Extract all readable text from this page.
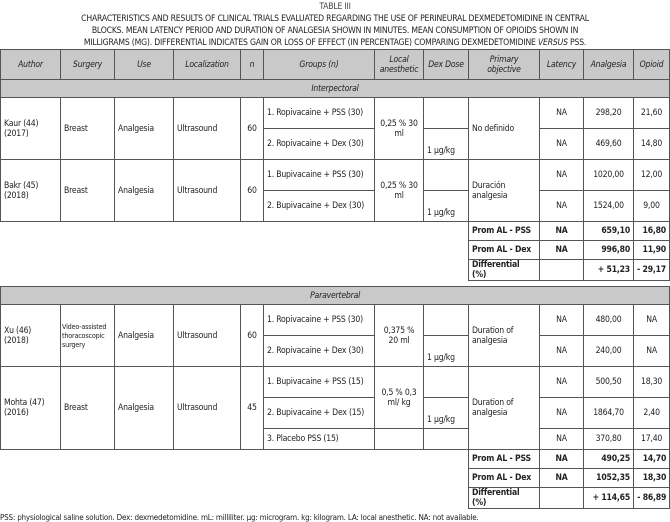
TABLE III
CHARACTERISTICS AND RESULTS OF CLINICAL TRIALS EVALUATED REGARDING THE USE OF PERINEURAL DEXMEDETOMIDINE IN CENTRAL
BLOCKS. MEAN LATENCY PERIOD AND DURATION OF ANALGESIA SHOWN IN MINUTES. MEAN CONSUMPTION OF OPIOIDS SHOWN IN
MILLIGRAMS (MG). DIFFERENTIAL INDICATES GAIN OR LOSS OF EFFECT (IN PERCENTAGE) COMPARING DEXMEDETOMIDINE VERSUS PSS.
Author	Surgery	Use	Localization	n	Groups (n)	Local anesthetic	Dex Dose	Primary objective	Latency	Analgesia	Opioid
Interpectoral											
Kaur (44) (2017)	Breast	Analgesia	Ultrasound	60	1. Ropivacaine + PSS (30)	0,25 % 30 ml		No definido	NA	298,20	21,60
					2. Ropivacaine + Dex (30)		1 µg/kg		NA	469,60	14,80
Bakr (45) (2018)	Breast	Analgesia	Ultrasound	60	1. Bupivacaine + PSS (30)	0,25 % 30 ml		Duración analgesia	NA	1020,00	12,00
					2. Bupivacaine + Dex (30)		1 µg/kg		NA	1524,00	9,00
								Prom AL - PSS	NA	659,10	16,80
								Prom AL - Dex	NA	996,80	11,90
								Differential (%)		+ 51,23	- 29,17
Paravertebral											
Xu (46) (2018)	Video-assisted thoracoscopic surgery	Analgesia	Ultrasound	60	1. Ropivacaine + PSS (30)	0,375 % 20 ml		Duration of analgesia	NA	480,00	NA
					2. Ropivacaine + Dex (30)		1 µg/kg		NA	240,00	NA
Mohta (47) (2016)	Breast	Analgesia	Ultrasound	45	1. Bupivacaine + PSS (15)	0,5 % 0,3 ml/ kg		Duration of analgesia	NA	500,50	18,30
					2. Bupivacaine + Dex (15)		1 µg/kg		NA	1864,70	2,40
					3. Placebo PSS (15)				NA	370,80	17,40
								Prom AL - PSS	NA	490,25	14,70
								Prom AL - Dex	NA	1052,35	18,30
								Differential (%)		+ 114,65	- 86,89
PSS: physiological saline solution. Dex: dexmedetomidine. mL: milliliter. µg: microgram. kg: kilogram. LA: local anesthetic. NA: not available.
